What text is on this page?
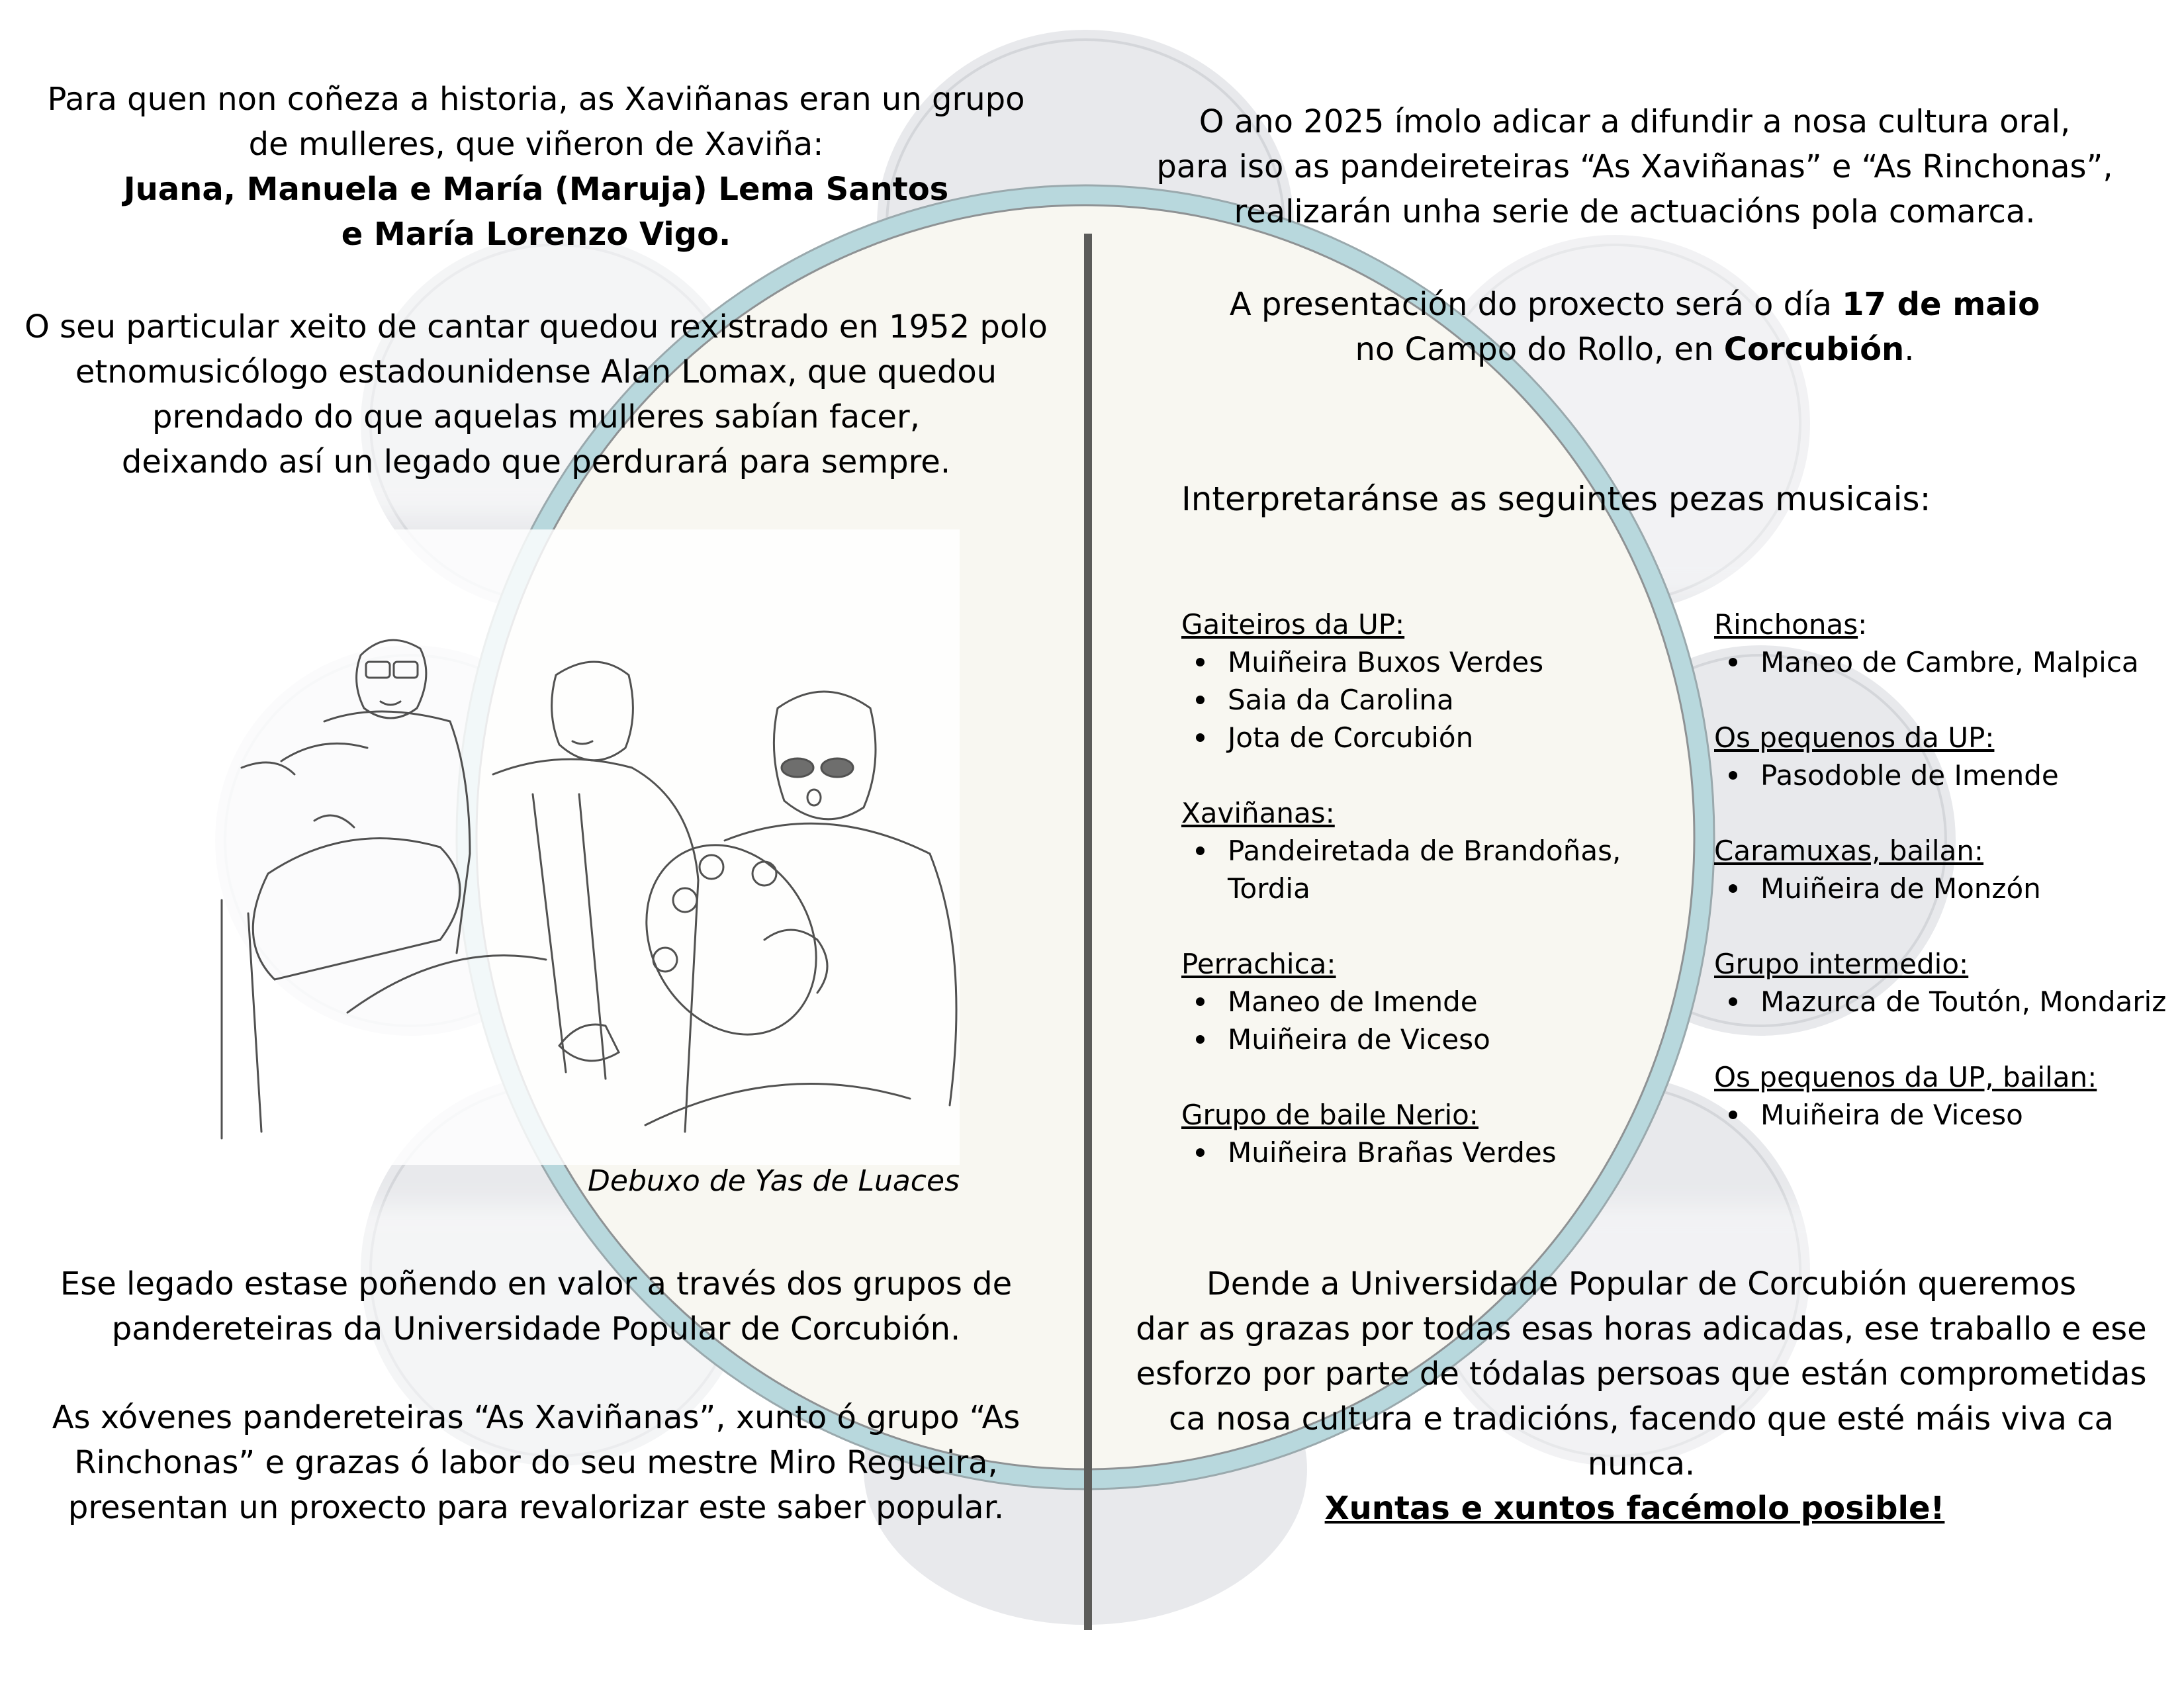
Para quen non coñeza a historia, as Xaviñanas eran un grupo

de mulleres, que viñeron de Xaviña:

Juana, Manuela e María (Maruja) Lema Santos

e María Lorenzo Vigo.

O seu particular xeito de cantar quedou rexistrado en 1952 polo

etnomusicólogo estadounidense Alan Lomax, que quedou

prendado do que aquelas mulleres sabían facer,

deixando así un legado que perdurará para sempre.

Debuxo de Yas de Luaces

Ese legado estase poñendo en valor a través dos grupos de

pandereteiras da Universidade Popular de Corcubión.

As xóvenes pandereteiras “As Xaviñanas”, xunto ó grupo “As

Rinchonas” e grazas ó labor do seu mestre Miro Regueira,

presentan un proxecto para revalorizar este saber popular.

O ano 2025 ímolo adicar a difundir a nosa cultura oral,

para iso as pandeireteiras “As Xaviñanas” e “As Rinchonas”,

realizarán unha serie de actuacións pola comarca.

A presentación do proxecto será o día 17 de maio

no Campo do Rollo, en Corcubión.

Interpretaránse as seguintes pezas musicais:
Gaiteiros da UP:
Muiñeira Buxos Verdes
Saia da Carolina
Jota de Corcubión
Xaviñanas:
Pandeiretada de Brandoñas, Tordia
Perrachica:
Maneo de Imende
Muiñeira de Viceso
Grupo de baile Nerio:
Muiñeira Brañas Verdes
Rinchonas:
Maneo de Cambre, Malpica
Os pequenos da UP:
Pasodoble de Imende
Caramuxas, bailan:
Muiñeira de Monzón
Grupo intermedio:
Mazurca de Toutón, Mondariz
Os pequenos da UP, bailan:
Muiñeira de Viceso

Dende a Universidade Popular de Corcubión queremos

dar as grazas por todas esas horas adicadas, ese traballo e ese

esforzo por parte de tódalas persoas que están comprometidas

ca nosa cultura e tradicións, facendo que esté máis viva ca nunca.

Xuntas e xuntos facémolo posible!
